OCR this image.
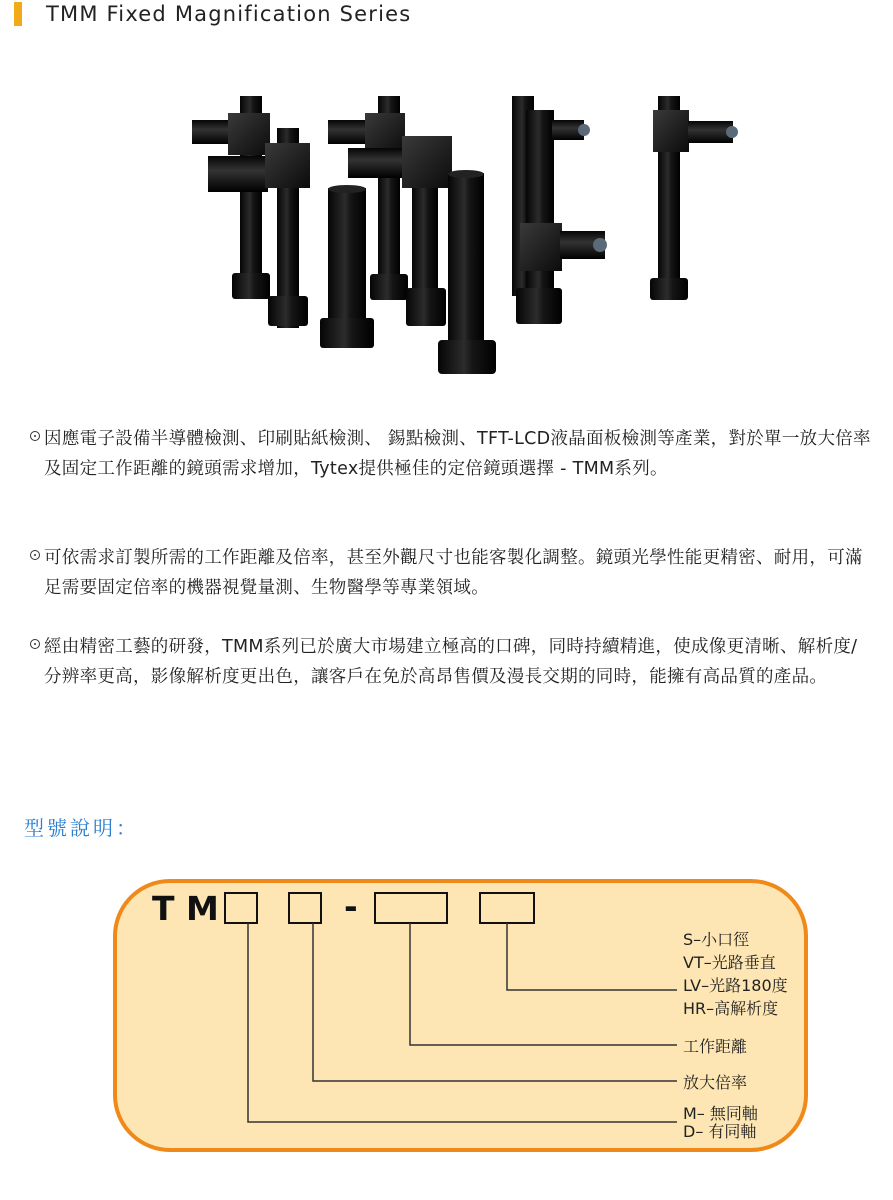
TMM Fixed Magnification Series
因應電子設備半導體檢測、印刷貼紙檢測、 錫點檢測、TFT-LCD液晶面板檢測等產業，對於單一放大倍率及固定工作距離的鏡頭需求增加，Tytex提供極佳的定倍鏡頭選擇 - TMM系列。
可依需求訂製所需的工作距離及倍率，甚至外觀尺寸也能客製化調整。鏡頭光學性能更精密、耐用，可滿足需要固定倍率的機器視覺量測、生物醫學等專業領域。
經由精密工藝的研發，TMM系列已於廣大市場建立極高的口碑，同時持續精進，使成像更清晰、解析度/分辨率更高，影像解析度更出色，讓客戶在免於高昂售價及漫長交期的同時，能擁有高品質的產品。
型號說明：
T M	-
S–小口徑
VT–光路垂直
LV–光路180度
HR–高解析度
工作距離
放大倍率
M– 無同軸
D– 有同軸
